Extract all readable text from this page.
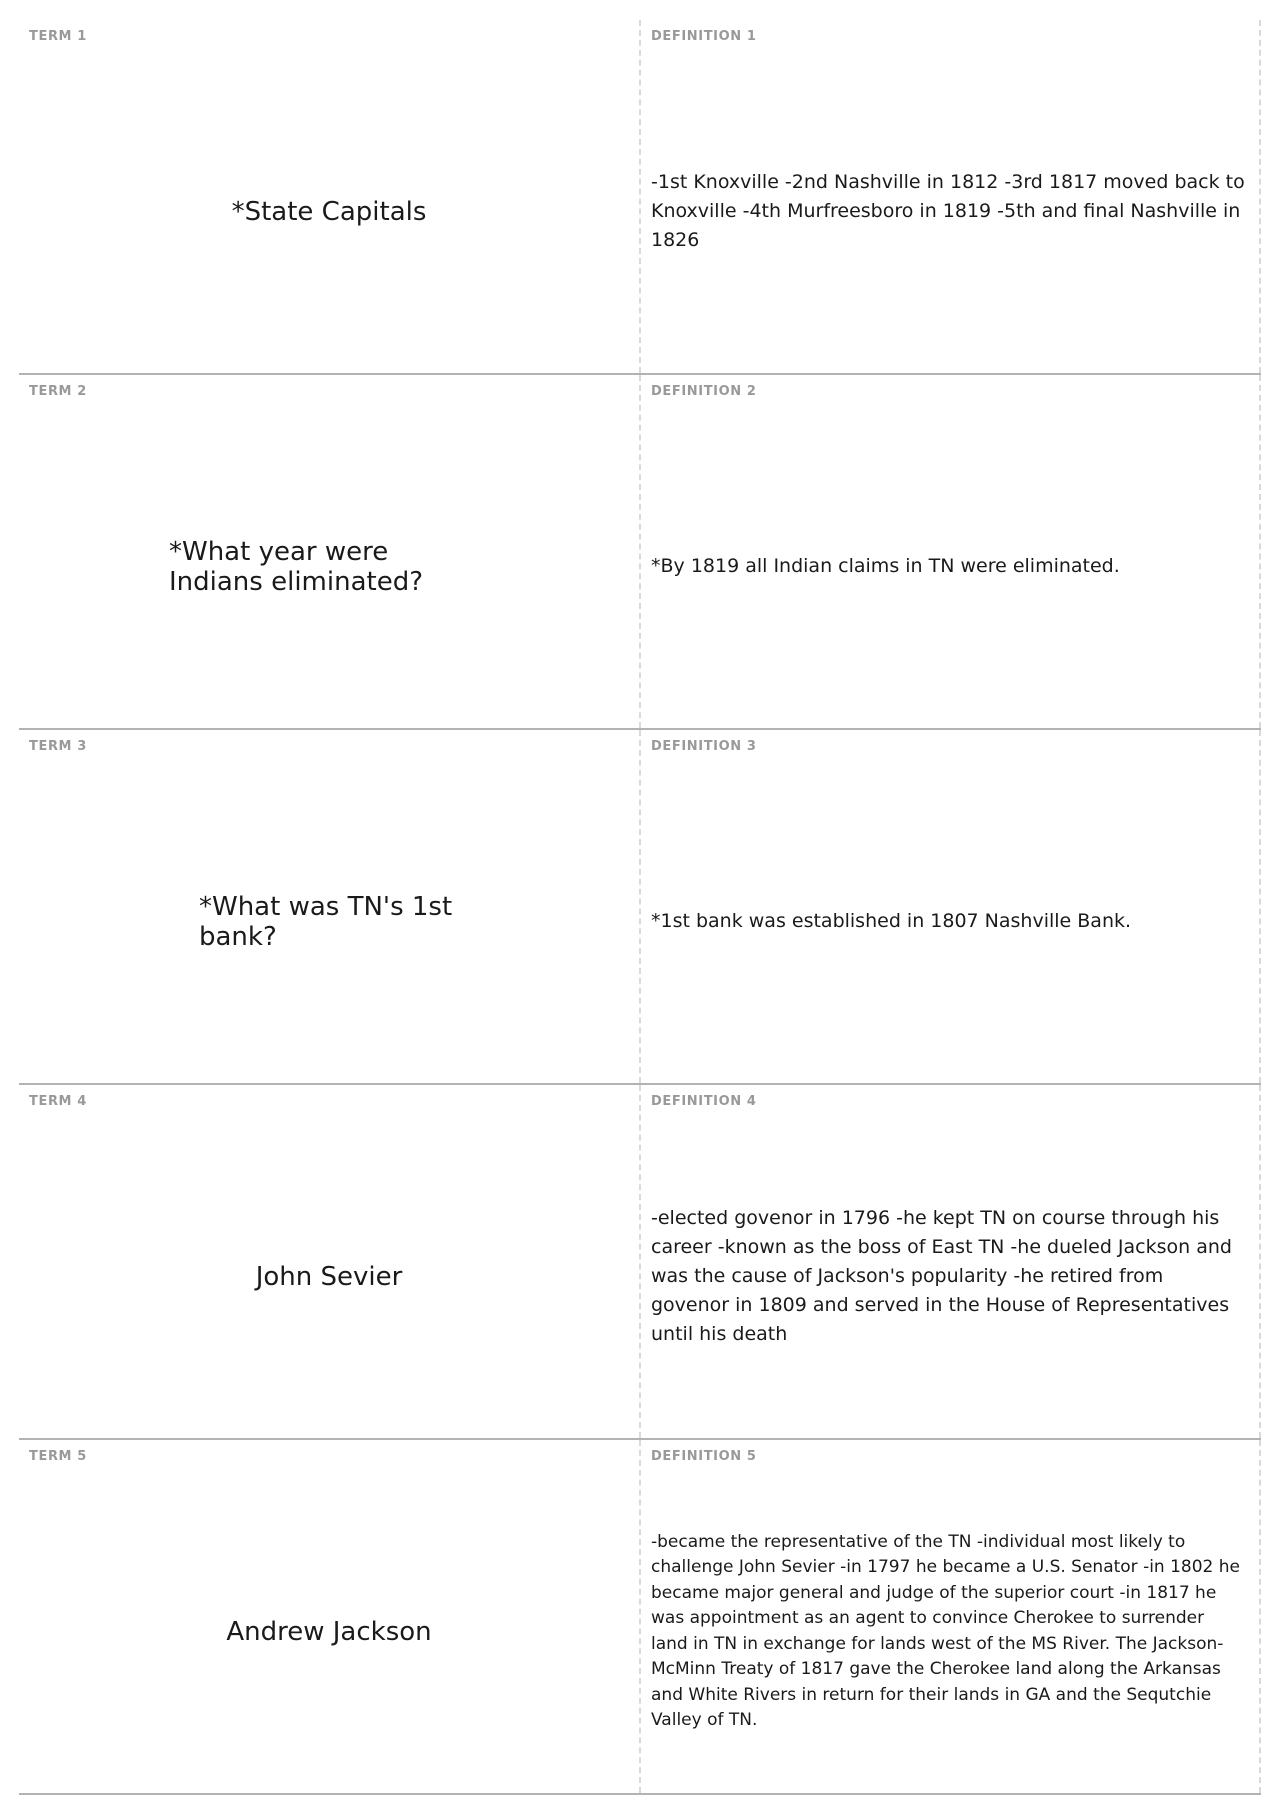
TERM 1
*State Capitals
DEFINITION 1
-1st Knoxville -2nd Nashville in 1812 -3rd 1817 moved back to Knoxville -4th Murfreesboro in 1819 -5th and final Nashville in 1826
TERM 2
*What year were Indians eliminated?
DEFINITION 2
*By 1819 all Indian claims in TN were eliminated.
TERM 3
*What was TN's 1st bank?
DEFINITION 3
*1st bank was established in 1807 Nashville Bank.
TERM 4
John Sevier
DEFINITION 4
-elected govenor in 1796 -he kept TN on course through his career -known as the boss of East TN -he dueled Jackson and was the cause of Jackson's popularity -he retired from govenor in 1809 and served in the House of Representatives until his death
TERM 5
Andrew Jackson
DEFINITION 5
-became the representative of the TN -individual most likely to challenge John Sevier -in 1797 he became a U.S. Senator -in 1802 he became major general and judge of the superior court -in 1817 he was appointment as an agent to convince Cherokee to surrender land in TN in exchange for lands west of the MS River. The Jackson-McMinn Treaty of 1817 gave the Cherokee land along the Arkansas and White Rivers in return for their lands in GA and the Sequtchie Valley of TN.
